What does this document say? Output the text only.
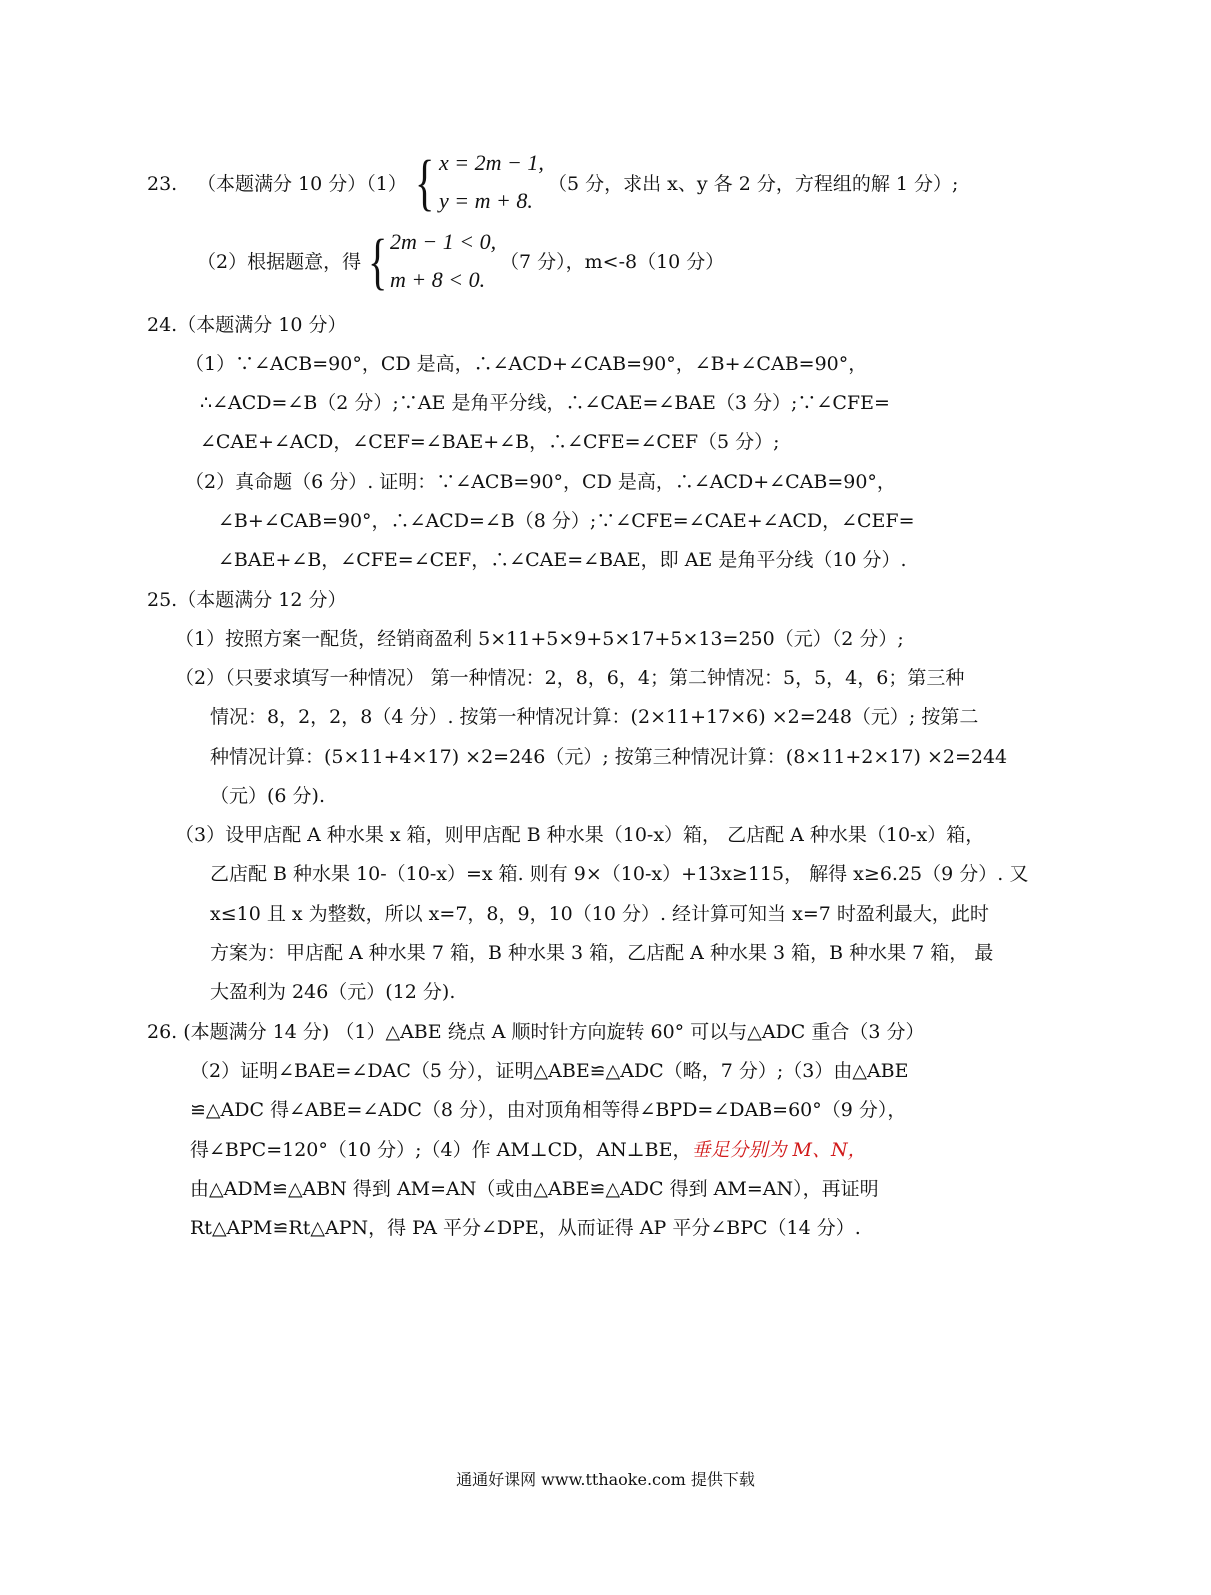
23. （本题满分 10 分）（1） { x = 2m − 1,
y = m + 8.
（5 分，求出 x、y 各 2 分，方程组的解 1 分）;
（2）根据题意，得 { 2m − 1 < 0,
m + 8 < 0.
（7 分），m<-8（10 分）
24.（本题满分 10 分）
（1）∵∠ACB=90°，CD 是高，∴∠ACD+∠CAB=90°，∠B+∠CAB=90°，
∴∠ACD=∠B（2 分）;∵AE 是角平分线，∴∠CAE=∠BAE（3 分）;∵∠CFE=
∠CAE+∠ACD，∠CEF=∠BAE+∠B，∴∠CFE=∠CEF（5 分）;
（2）真命题（6 分）. 证明：∵∠ACB=90°，CD 是高，∴∠ACD+∠CAB=90°，
∠B+∠CAB=90°，∴∠ACD=∠B（8 分）;∵∠CFE=∠CAE+∠ACD，∠CEF=
∠BAE+∠B，∠CFE=∠CEF，∴∠CAE=∠BAE，即 AE 是角平分线（10 分）.
25.（本题满分 12 分）
（1）按照方案一配货，经销商盈利 5×11+5×9+5×17+5×13=250（元）（2 分）;
（2）（只要求填写一种情况） 第一种情况：2，8，6，4；第二钟情况：5，5，4，6；第三种
情况：8，2，2，8（4 分）. 按第一种情况计算：(2×11+17×6) ×2=248（元）; 按第二
种情况计算：(5×11+4×17) ×2=246（元）; 按第三种情况计算：(8×11+2×17) ×2=244
（元）(6 分).
（3）设甲店配 A 种水果 x 箱，则甲店配 B 种水果（10-x）箱， 乙店配 A 种水果（10-x）箱，
乙店配 B 种水果 10-（10-x）=x 箱. 则有 9×（10-x）+13x≥115， 解得 x≥6.25（9 分）. 又
x≤10 且 x 为整数，所以 x=7，8，9，10（10 分）. 经计算可知当 x=7 时盈利最大，此时
方案为：甲店配 A 种水果 7 箱，B 种水果 3 箱，乙店配 A 种水果 3 箱，B 种水果 7 箱， 最
大盈利为 246（元）(12 分).
26. (本题满分 14 分) （1）△ABE 绕点 A 顺时针方向旋转 60° 可以与△ADC 重合（3 分）
（2）证明∠BAE=∠DAC（5 分），证明△ABE≌△ADC（略，7 分）;（3）由△ABE
≌△ADC 得∠ABE=∠ADC（8 分），由对顶角相等得∠BPD=∠DAB=60°（9 分），
得∠BPC=120°（10 分）;（4）作 AM⊥CD，AN⊥BE，垂足分别为 M、N，
由△ADM≌△ABN 得到 AM=AN（或由△ABE≌△ADC 得到 AM=AN），再证明
Rt△APM≌Rt△APN，得 PA 平分∠DPE，从而证得 AP 平分∠BPC（14 分）.
通通好课网 www.tthaoke.com 提供下载
